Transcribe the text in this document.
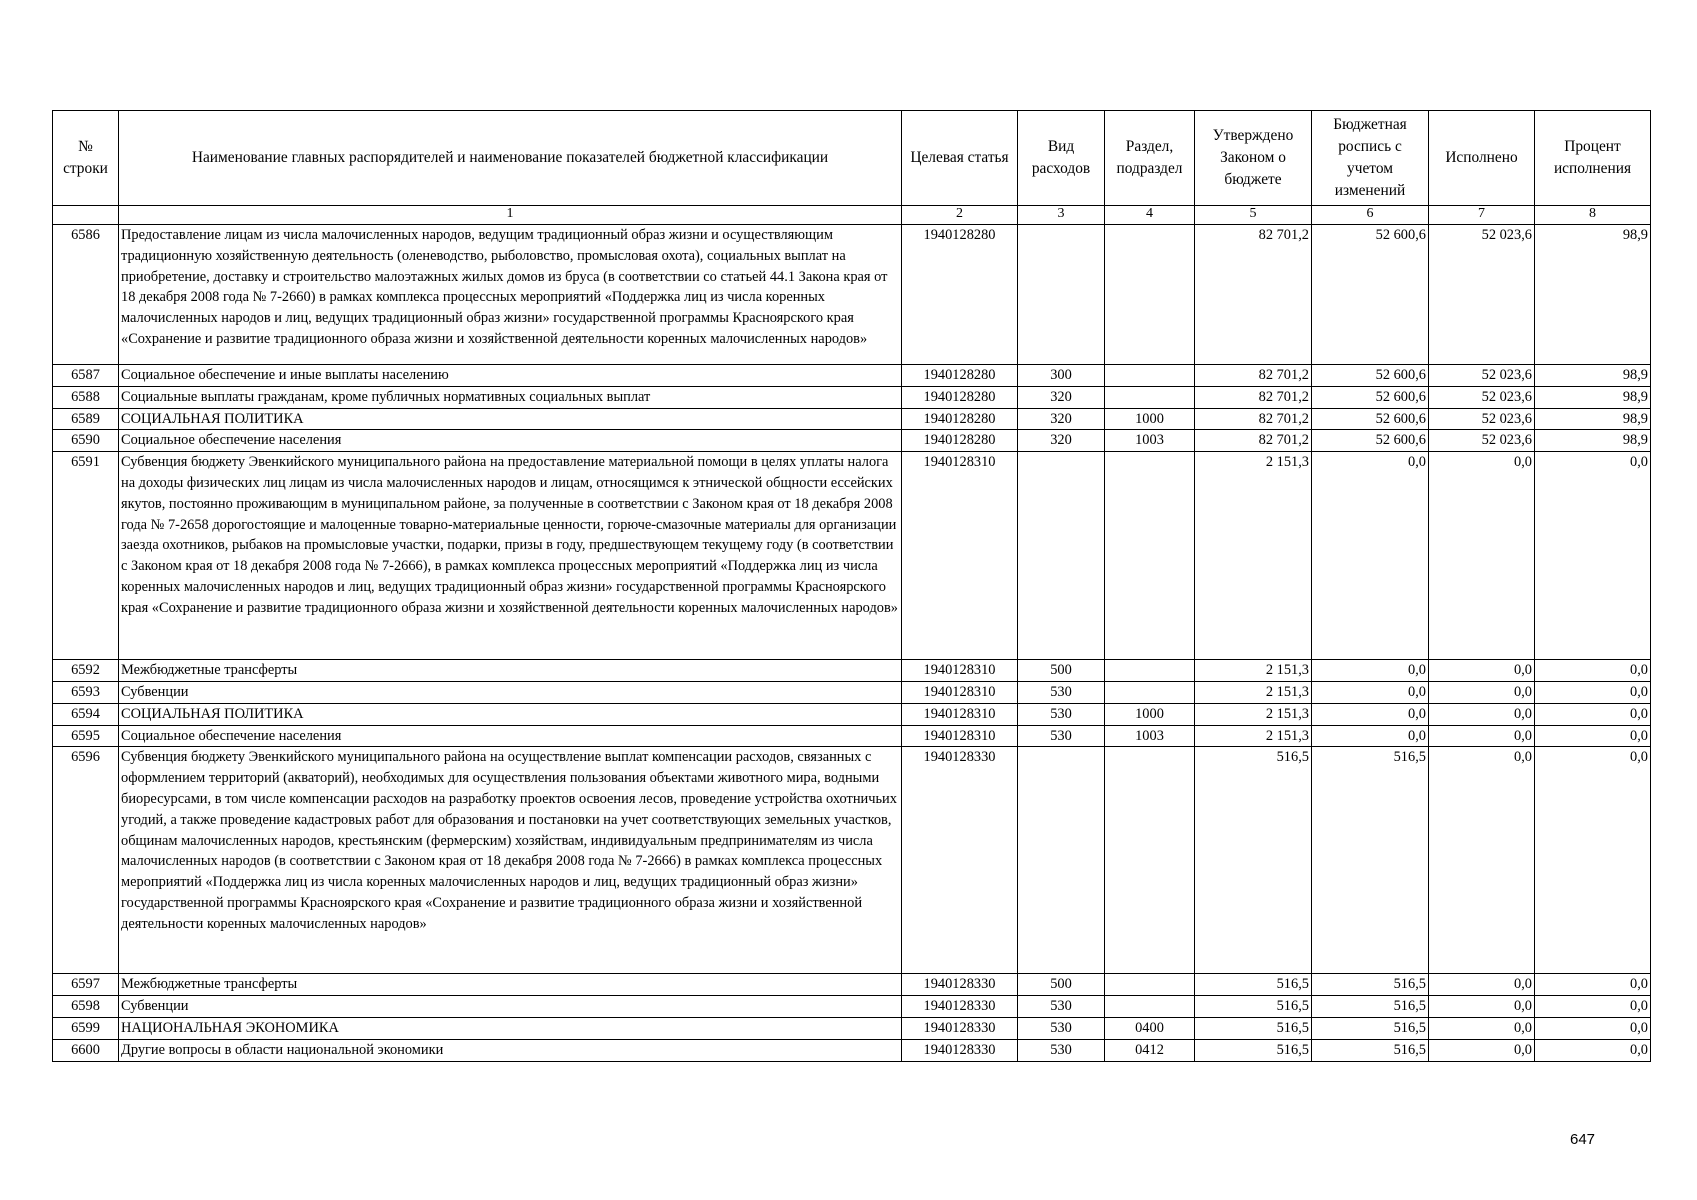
№ строки	Наименование главных распорядителей и наименование показателей бюджетной классификации	Целевая статья	Вид расходов	Раздел, подраздел	Утверждено Законом о бюджете	Бюджетная роспись с учетом изменений	Исполнено	Процент исполнения
	1	2	3	4	5	6	7	8
6586	Предоставление лицам из числа малочисленных народов, ведущим традиционный образ жизни и осуществляющим традиционную хозяйственную деятельность (оленеводство, рыболовство, промысловая охота), социальных выплат на приобретение, доставку и строительство малоэтажных жилых домов из бруса (в соответствии со статьей 44.1 Закона края от 18 декабря 2008 года № 7-2660) в рамках комплекса процессных мероприятий «Поддержка лиц из числа коренных малочисленных народов и лиц, ведущих традиционный образ жизни» государственной программы Красноярского края «Сохранение и развитие традиционного образа жизни и хозяйственной деятельности коренных малочисленных народов»	1940128280			82 701,2	52 600,6	52 023,6	98,9
6587	Социальное обеспечение и иные выплаты населению	1940128280	300		82 701,2	52 600,6	52 023,6	98,9
6588	Социальные выплаты гражданам, кроме публичных нормативных социальных выплат	1940128280	320		82 701,2	52 600,6	52 023,6	98,9
6589	СОЦИАЛЬНАЯ ПОЛИТИКА	1940128280	320	1000	82 701,2	52 600,6	52 023,6	98,9
6590	Социальное обеспечение населения	1940128280	320	1003	82 701,2	52 600,6	52 023,6	98,9
6591	Субвенция бюджету Эвенкийского муниципального района на предоставление материальной помощи в целях уплаты налога на доходы физических лиц лицам из числа малочисленных народов и лицам, относящимся к этнической общности ессейских якутов, постоянно проживающим в муниципальном районе, за полученные в соответствии с Законом края от 18 декабря 2008 года № 7-2658 дорогостоящие и малоценные товарно-материальные ценности, горюче-смазочные материалы для организации заезда охотников, рыбаков на промысловые участки, подарки, призы в году, предшествующем текущему году (в соответствии с Законом края от 18 декабря 2008 года № 7-2666), в рамках комплекса процессных мероприятий «Поддержка лиц из числа коренных малочисленных народов и лиц, ведущих традиционный образ жизни» государственной программы Красноярского края «Сохранение и развитие традиционного образа жизни и хозяйственной деятельности коренных малочисленных народов»	1940128310			2 151,3	0,0	0,0	0,0
6592	Межбюджетные трансферты	1940128310	500		2 151,3	0,0	0,0	0,0
6593	Субвенции	1940128310	530		2 151,3	0,0	0,0	0,0
6594	СОЦИАЛЬНАЯ ПОЛИТИКА	1940128310	530	1000	2 151,3	0,0	0,0	0,0
6595	Социальное обеспечение населения	1940128310	530	1003	2 151,3	0,0	0,0	0,0
6596	Субвенция бюджету Эвенкийского муниципального района на осуществление выплат компенсации расходов, связанных с оформлением территорий (акваторий), необходимых для осуществления пользования объектами животного мира, водными биоресурсами, в том числе компенсации расходов на разработку проектов освоения лесов, проведение устройства охотничьих угодий, а также проведение кадастровых работ для образования и постановки на учет соответствующих земельных участков, общинам малочисленных народов, крестьянским (фермерским) хозяйствам, индивидуальным предпринимателям из числа малочисленных народов (в соответствии с Законом края от 18 декабря 2008 года № 7-2666) в рамках комплекса процессных мероприятий «Поддержка лиц из числа коренных малочисленных народов и лиц, ведущих традиционный образ жизни» государственной программы Красноярского края «Сохранение и развитие традиционного образа жизни и хозяйственной деятельности коренных малочисленных народов»	1940128330			516,5	516,5	0,0	0,0
6597	Межбюджетные трансферты	1940128330	500		516,5	516,5	0,0	0,0
6598	Субвенции	1940128330	530		516,5	516,5	0,0	0,0
6599	НАЦИОНАЛЬНАЯ ЭКОНОМИКА	1940128330	530	0400	516,5	516,5	0,0	0,0
6600	Другие вопросы в области национальной экономики	1940128330	530	0412	516,5	516,5	0,0	0,0
647
